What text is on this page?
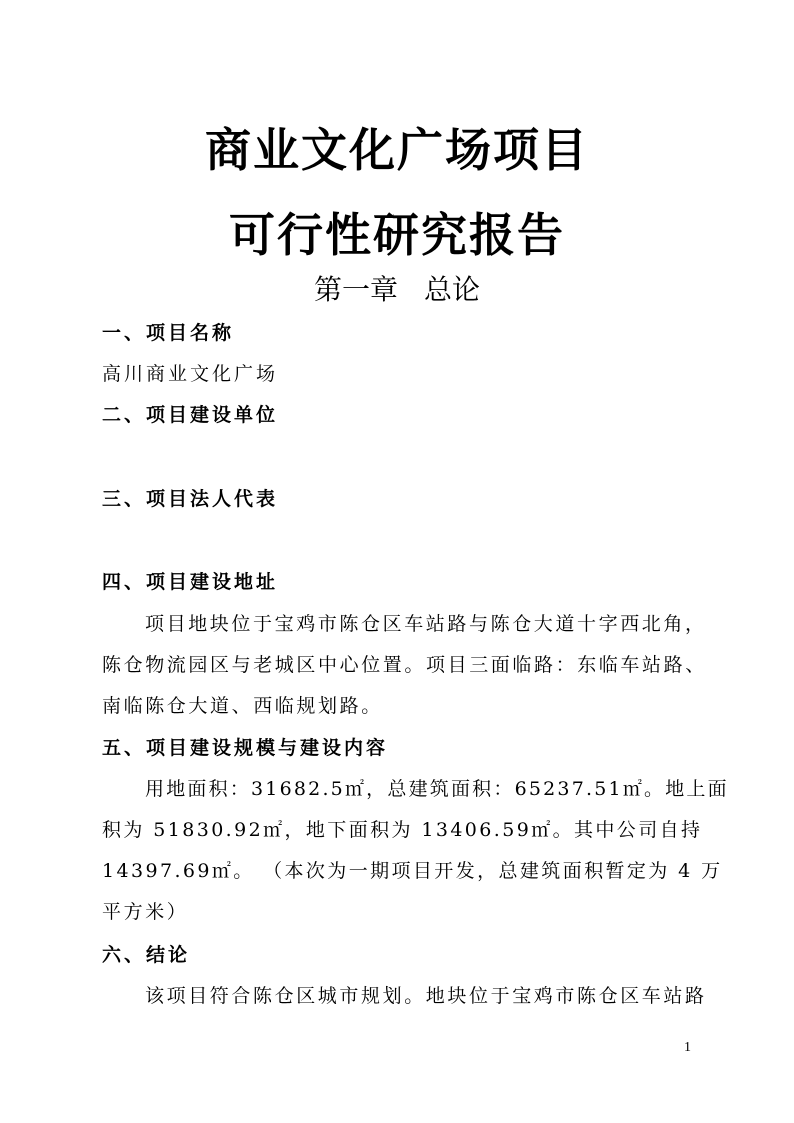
商业文化广场项目
可行性研究报告
第一章 总论
一、项目名称
高川商业文化广场
二、项目建设单位
三、项目法人代表
四、项目建设地址
项目地块位于宝鸡市陈仓区车站路与陈仓大道十字西北角，
陈仓物流园区与老城区中心位置。项目三面临路：东临车站路、
南临陈仓大道、西临规划路。
五、项目建设规模与建设内容
用地面积：31682.5㎡，总建筑面积：65237.51㎡。地上面
积为 51830.92㎡，地下面积为 13406.59㎡。其中公司自持
14397.69㎡。 （本次为一期项目开发，总建筑面积暂定为 4 万
平方米）
六、结论
该项目符合陈仓区城市规划。地块位于宝鸡市陈仓区车站路
1
